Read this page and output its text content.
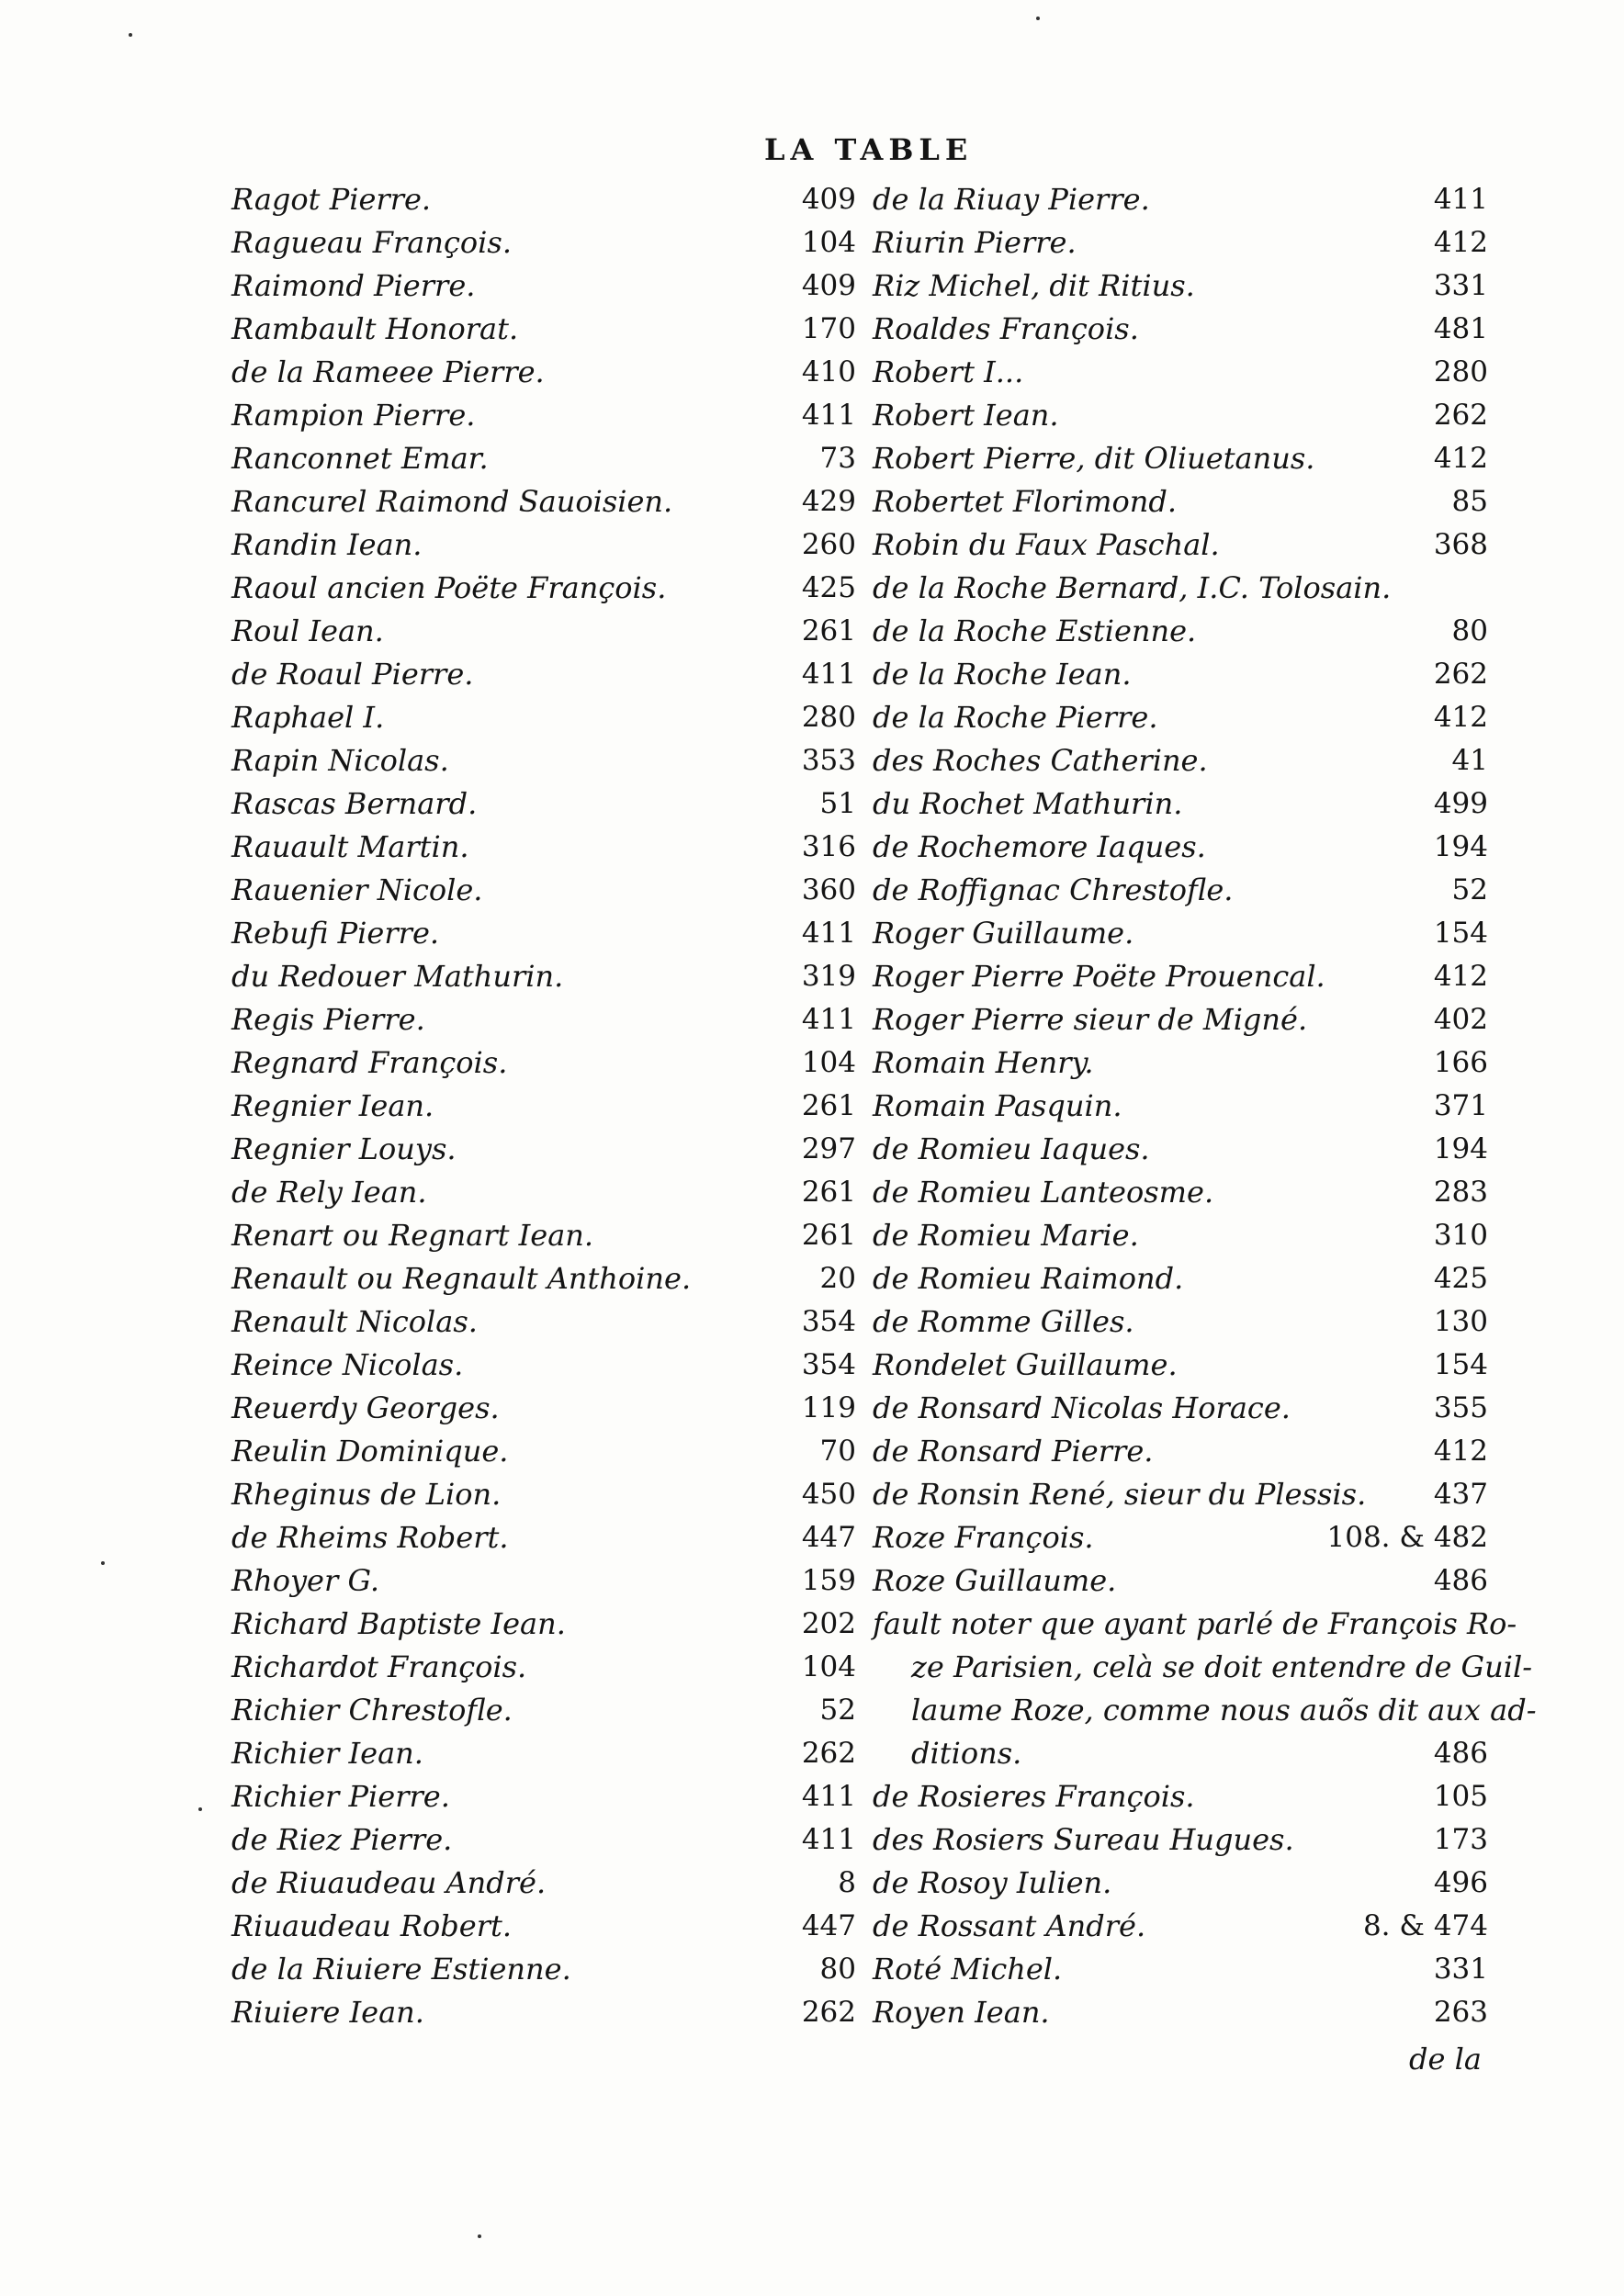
LA TABLE
Ragot Pierre.	409
Ragueau François.	104
Raimond Pierre.	409
Rambault Honorat.	170
de la Rameee Pierre.	410
Rampion Pierre.	411
Ranconnet Emar.	73
Rancurel Raimond Sauoisien.	429
Randin Iean.	260
Raoul ancien Poëte François.	425
Roul Iean.	261
de Roaul Pierre.	411
Raphael I.	280
Rapin Nicolas.	353
Rascas Bernard.	51
Rauault Martin.	316
Rauenier Nicole.	360
Rebufi Pierre.	411
du Redouer Mathurin.	319
Regis Pierre.	411
Regnard François.	104
Regnier Iean.	261
Regnier Louys.	297
de Rely Iean.	261
Renart ou Regnart Iean.	261
Renault ou Regnault Anthoine.	20
Renault Nicolas.	354
Reince Nicolas.	354
Reuerdy Georges.	119
Reulin Dominique.	70
Rheginus de Lion.	450
de Rheims Robert.	447
Rhoyer G.	159
Richard Baptiste Iean.	202
Richardot François.	104
Richier Chrestofle.	52
Richier Iean.	262
Richier Pierre.	411
de Riez Pierre.	411
de Riuaudeau André.	8
Riuaudeau Robert.	447
de la Riuiere Estienne.	80
Riuiere Iean.	262
de la Riuay Pierre.	411
Riurin Pierre.	412
Riz Michel, dit Ritius.	331
Roaldes François.	481
Robert I...	280
Robert Iean.	262
Robert Pierre, dit Oliuetanus.	412
Robertet Florimond.	85
Robin du Faux Paschal.	368
de la Roche Bernard, I.C. Tolosain.
de la Roche Estienne.	80
de la Roche Iean.	262
de la Roche Pierre.	412
des Roches Catherine.	41
du Rochet Mathurin.	499
de Rochemore Iaques.	194
de Roffignac Chrestofle.	52
Roger Guillaume.	154
Roger Pierre Poëte Prouencal.	412
Roger Pierre sieur de Migné.	402
Romain Henry.	166
Romain Pasquin.	371
de Romieu Iaques.	194
de Romieu Lanteosme.	283
de Romieu Marie.	310
de Romieu Raimond.	425
de Romme Gilles.	130
Rondelet Guillaume.	154
de Ronsard Nicolas Horace.	355
de Ronsard Pierre.	412
de Ronsin René, sieur du Plessis. 437
Roze François.	108. & 482
Roze Guillaume.	486
fault noter que ayant parlé de François Ro-
ze Parisien, celà se doit entendre de Guil-
laume Roze, comme nous auõs dit aux ad-
ditions.	486
de Rosieres François.	105
des Rosiers Sureau Hugues.	173
de Rosoy Iulien.	496
de Rossant André.	8. & 474
Roté Michel.	331
Royen Iean.	263
de la
